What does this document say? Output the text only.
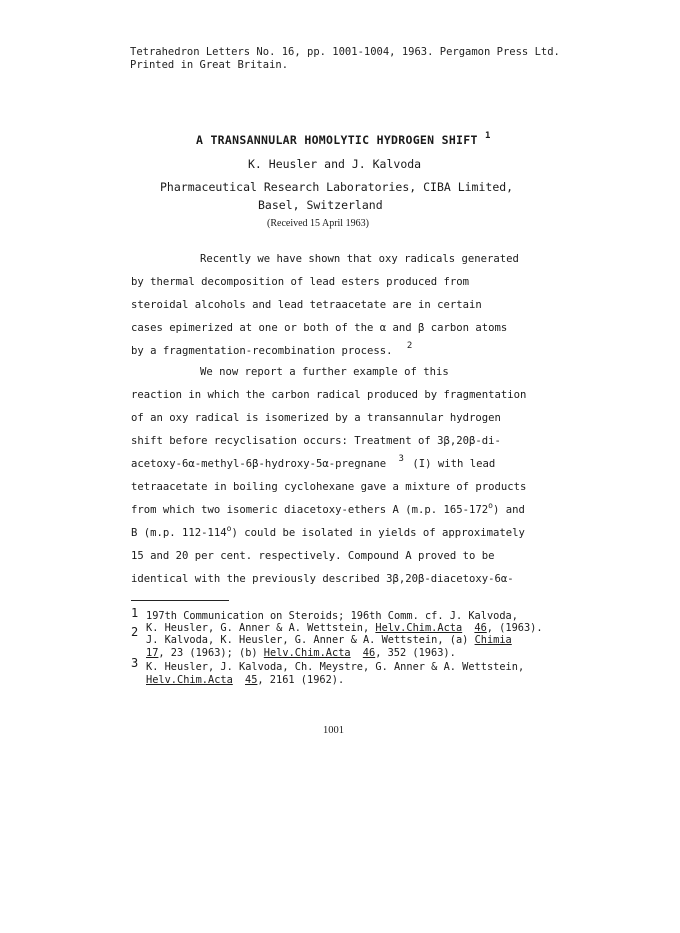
Tetrahedron Letters No. 16, pp. 1001-1004, 1963. Pergamon Press Ltd.
Printed in Great Britain.
A TRANSANNULAR HOMOLYTIC HYDROGEN SHIFT $^1$
K. Heusler and J. Kalvoda
Pharmaceutical Research Laboratories, CIBA Limited,
Basel, Switzerland
(Received 15 April 1963)
Recently we have shown that oxy radicals generated
by thermal decomposition of lead esters produced from
steroidal alcohols and lead tetraacetate are in certain
cases epimerized at one or both of the α and β carbon atoms
by a fragmentation-recombination process. $^2$
We now report a further example of this
reaction in which the carbon radical produced by fragmentation
of an oxy radical is isomerized by a transannular hydrogen
shift before recyclisation occurs: Treatment of 3β,20β-di-
acetoxy-6α-methyl-6β-hydroxy-5α-pregnane $^3$ (I) with lead
tetraacetate in boiling cyclohexane gave a mixture of products
from which two isomeric diacetoxy-ethers A (m.p. 165-172$^o$) and
B (m.p. 112-114$^o$) could be isolated in yields of approximately
15 and 20 per cent. respectively. Compound A proved to be
identical with the previously described 3β,20β-diacetoxy-6α-
1 197th Communication on Steroids; 196th Comm. cf. J. Kalvoda,
K. Heusler, G. Anner & A. Wettstein, Helv.Chim.Acta 46, (1963).
2
J. Kalvoda, K. Heusler, G. Anner & A. Wettstein, (a) Chimia
17, 23 (1963); (b) Helv.Chim.Acta 46, 352 (1963).
3 K. Heusler, J. Kalvoda, Ch. Meystre, G. Anner & A. Wettstein,
Helv.Chim.Acta 45, 2161 (1962).
1001
